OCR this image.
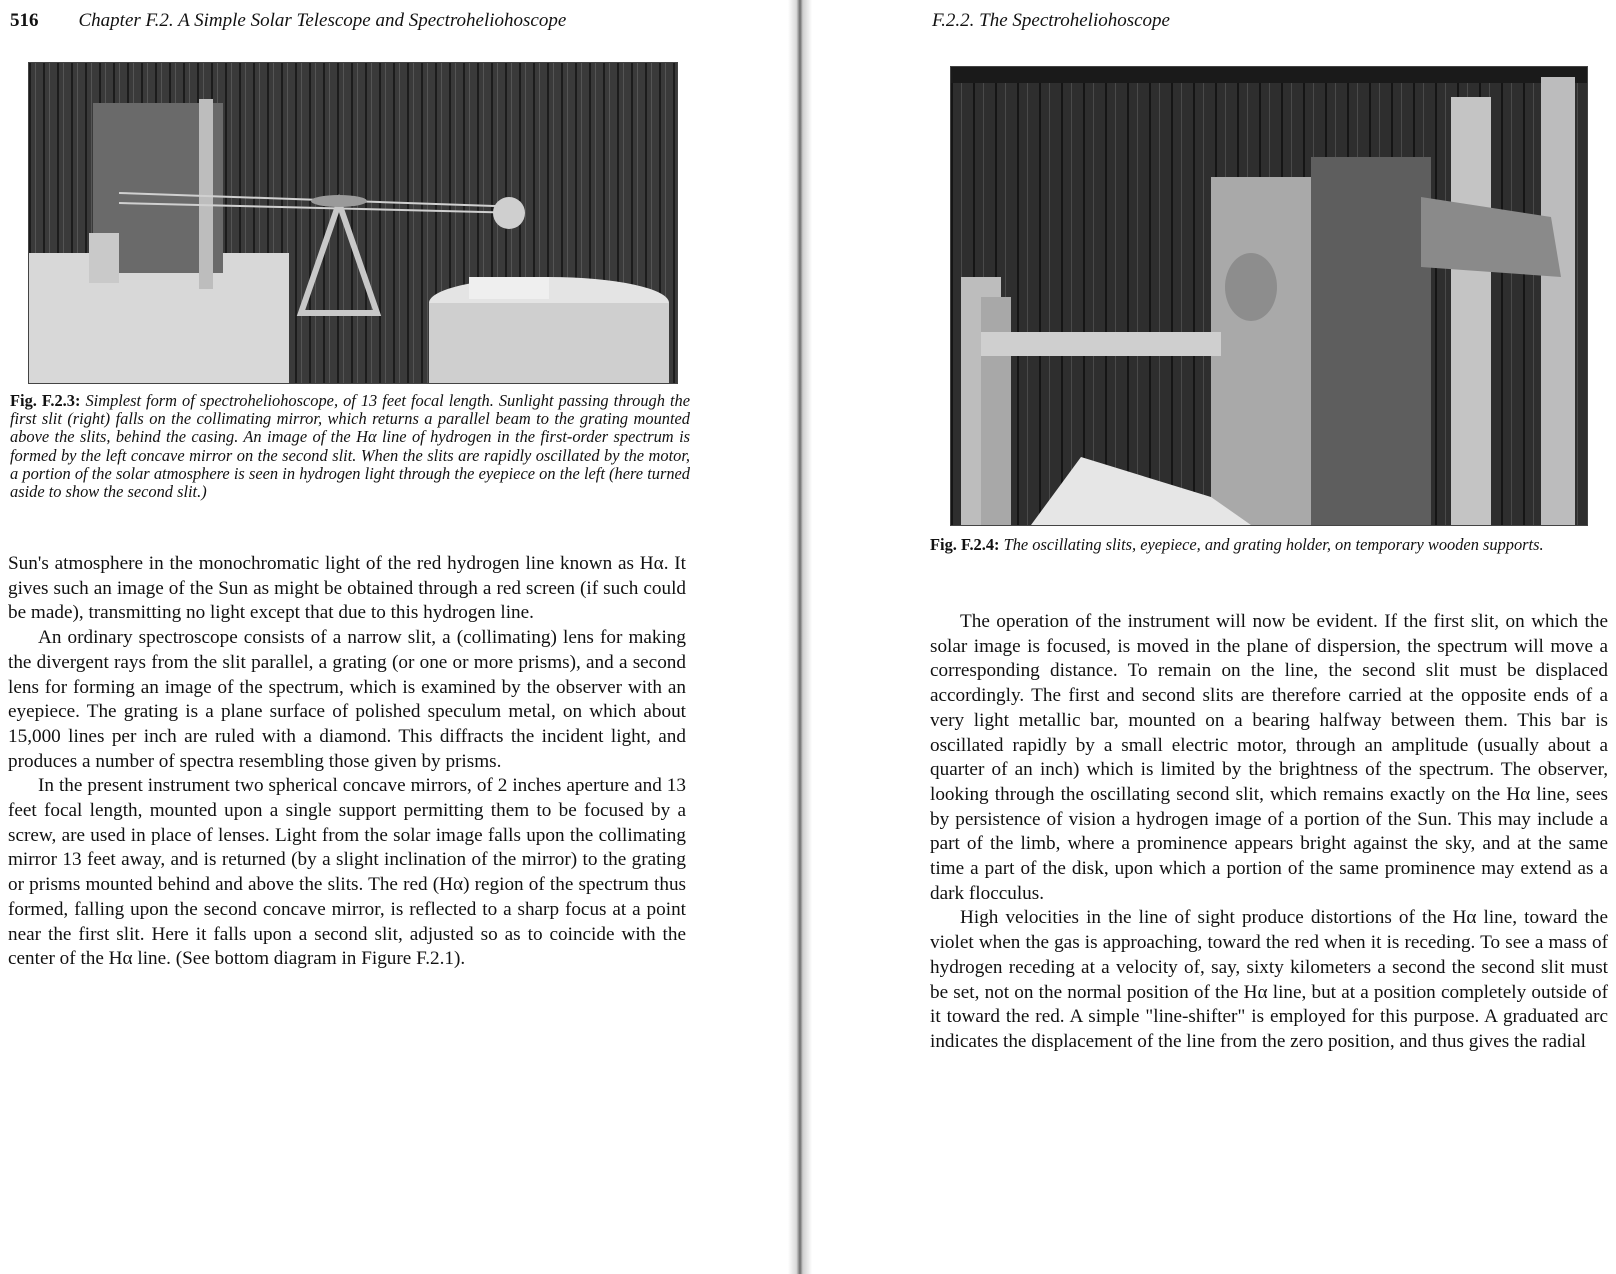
516 Chapter F.2. A Simple Solar Telescope and Spectroheliohoscope
Fig. F.2.3: Simplest form of spectroheliohoscope, of 13 feet focal length. Sunlight passing through the first slit (right) falls on the collimating mirror, which returns a parallel beam to the grating mounted above the slits, behind the casing. An image of the Hα line of hydrogen in the first-order spectrum is formed by the left concave mirror on the second slit. When the slits are rapidly oscillated by the motor, a portion of the solar atmosphere is seen in hydrogen light through the eyepiece on the left (here turned aside to show the second slit.)

Sun's atmosphere in the monochromatic light of the red hydrogen line known as Hα. It gives such an image of the Sun as might be obtained through a red screen (if such could be made), transmitting no light except that due to this hydrogen line.

An ordinary spectroscope consists of a narrow slit, a (collimating) lens for making the divergent rays from the slit parallel, a grating (or one or more prisms), and a second lens for forming an image of the spectrum, which is examined by the observer with an eyepiece. The grating is a plane surface of polished speculum metal, on which about 15,000 lines per inch are ruled with a diamond. This diffracts the incident light, and produces a number of spectra resembling those given by prisms.

In the present instrument two spherical concave mirrors, of 2 inches aperture and 13 feet focal length, mounted upon a single support permitting them to be focused by a screw, are used in place of lenses. Light from the solar image falls upon the collimating mirror 13 feet away, and is returned (by a slight inclination of the mirror) to the grating or prisms mounted behind and above the slits. The red (Hα) region of the spectrum thus formed, falling upon the second concave mirror, is reflected to a sharp focus at a point near the first slit. Here it falls upon a second slit, adjusted so as to coincide with the center of the Hα line. (See bottom diagram in Figure F.2.1).

F.2.2. The Spectroheliohoscope
Fig. F.2.4: The oscillating slits, eyepiece, and grating holder, on temporary wooden supports.

The operation of the instrument will now be evident. If the first slit, on which the solar image is focused, is moved in the plane of dispersion, the spectrum will move a corresponding distance. To remain on the line, the second slit must be displaced accordingly. The first and second slits are therefore carried at the opposite ends of a very light metallic bar, mounted on a bearing halfway between them. This bar is oscillated rapidly by a small electric motor, through an amplitude (usually about a quarter of an inch) which is limited by the brightness of the spectrum. The observer, looking through the oscillating second slit, which remains exactly on the Hα line, sees by persistence of vision a hydrogen image of a portion of the Sun. This may include a part of the limb, where a prominence appears bright against the sky, and at the same time a part of the disk, upon which a portion of the same prominence may extend as a dark flocculus.

High velocities in the line of sight produce distortions of the Hα line, toward the violet when the gas is approaching, toward the red when it is receding. To see a mass of hydrogen receding at a velocity of, say, sixty kilometers a second the second slit must be set, not on the normal position of the Hα line, but at a position completely outside of it toward the red. A simple "line-shifter" is employed for this purpose. A graduated arc indicates the displacement of the line from the zero position, and thus gives the radial
